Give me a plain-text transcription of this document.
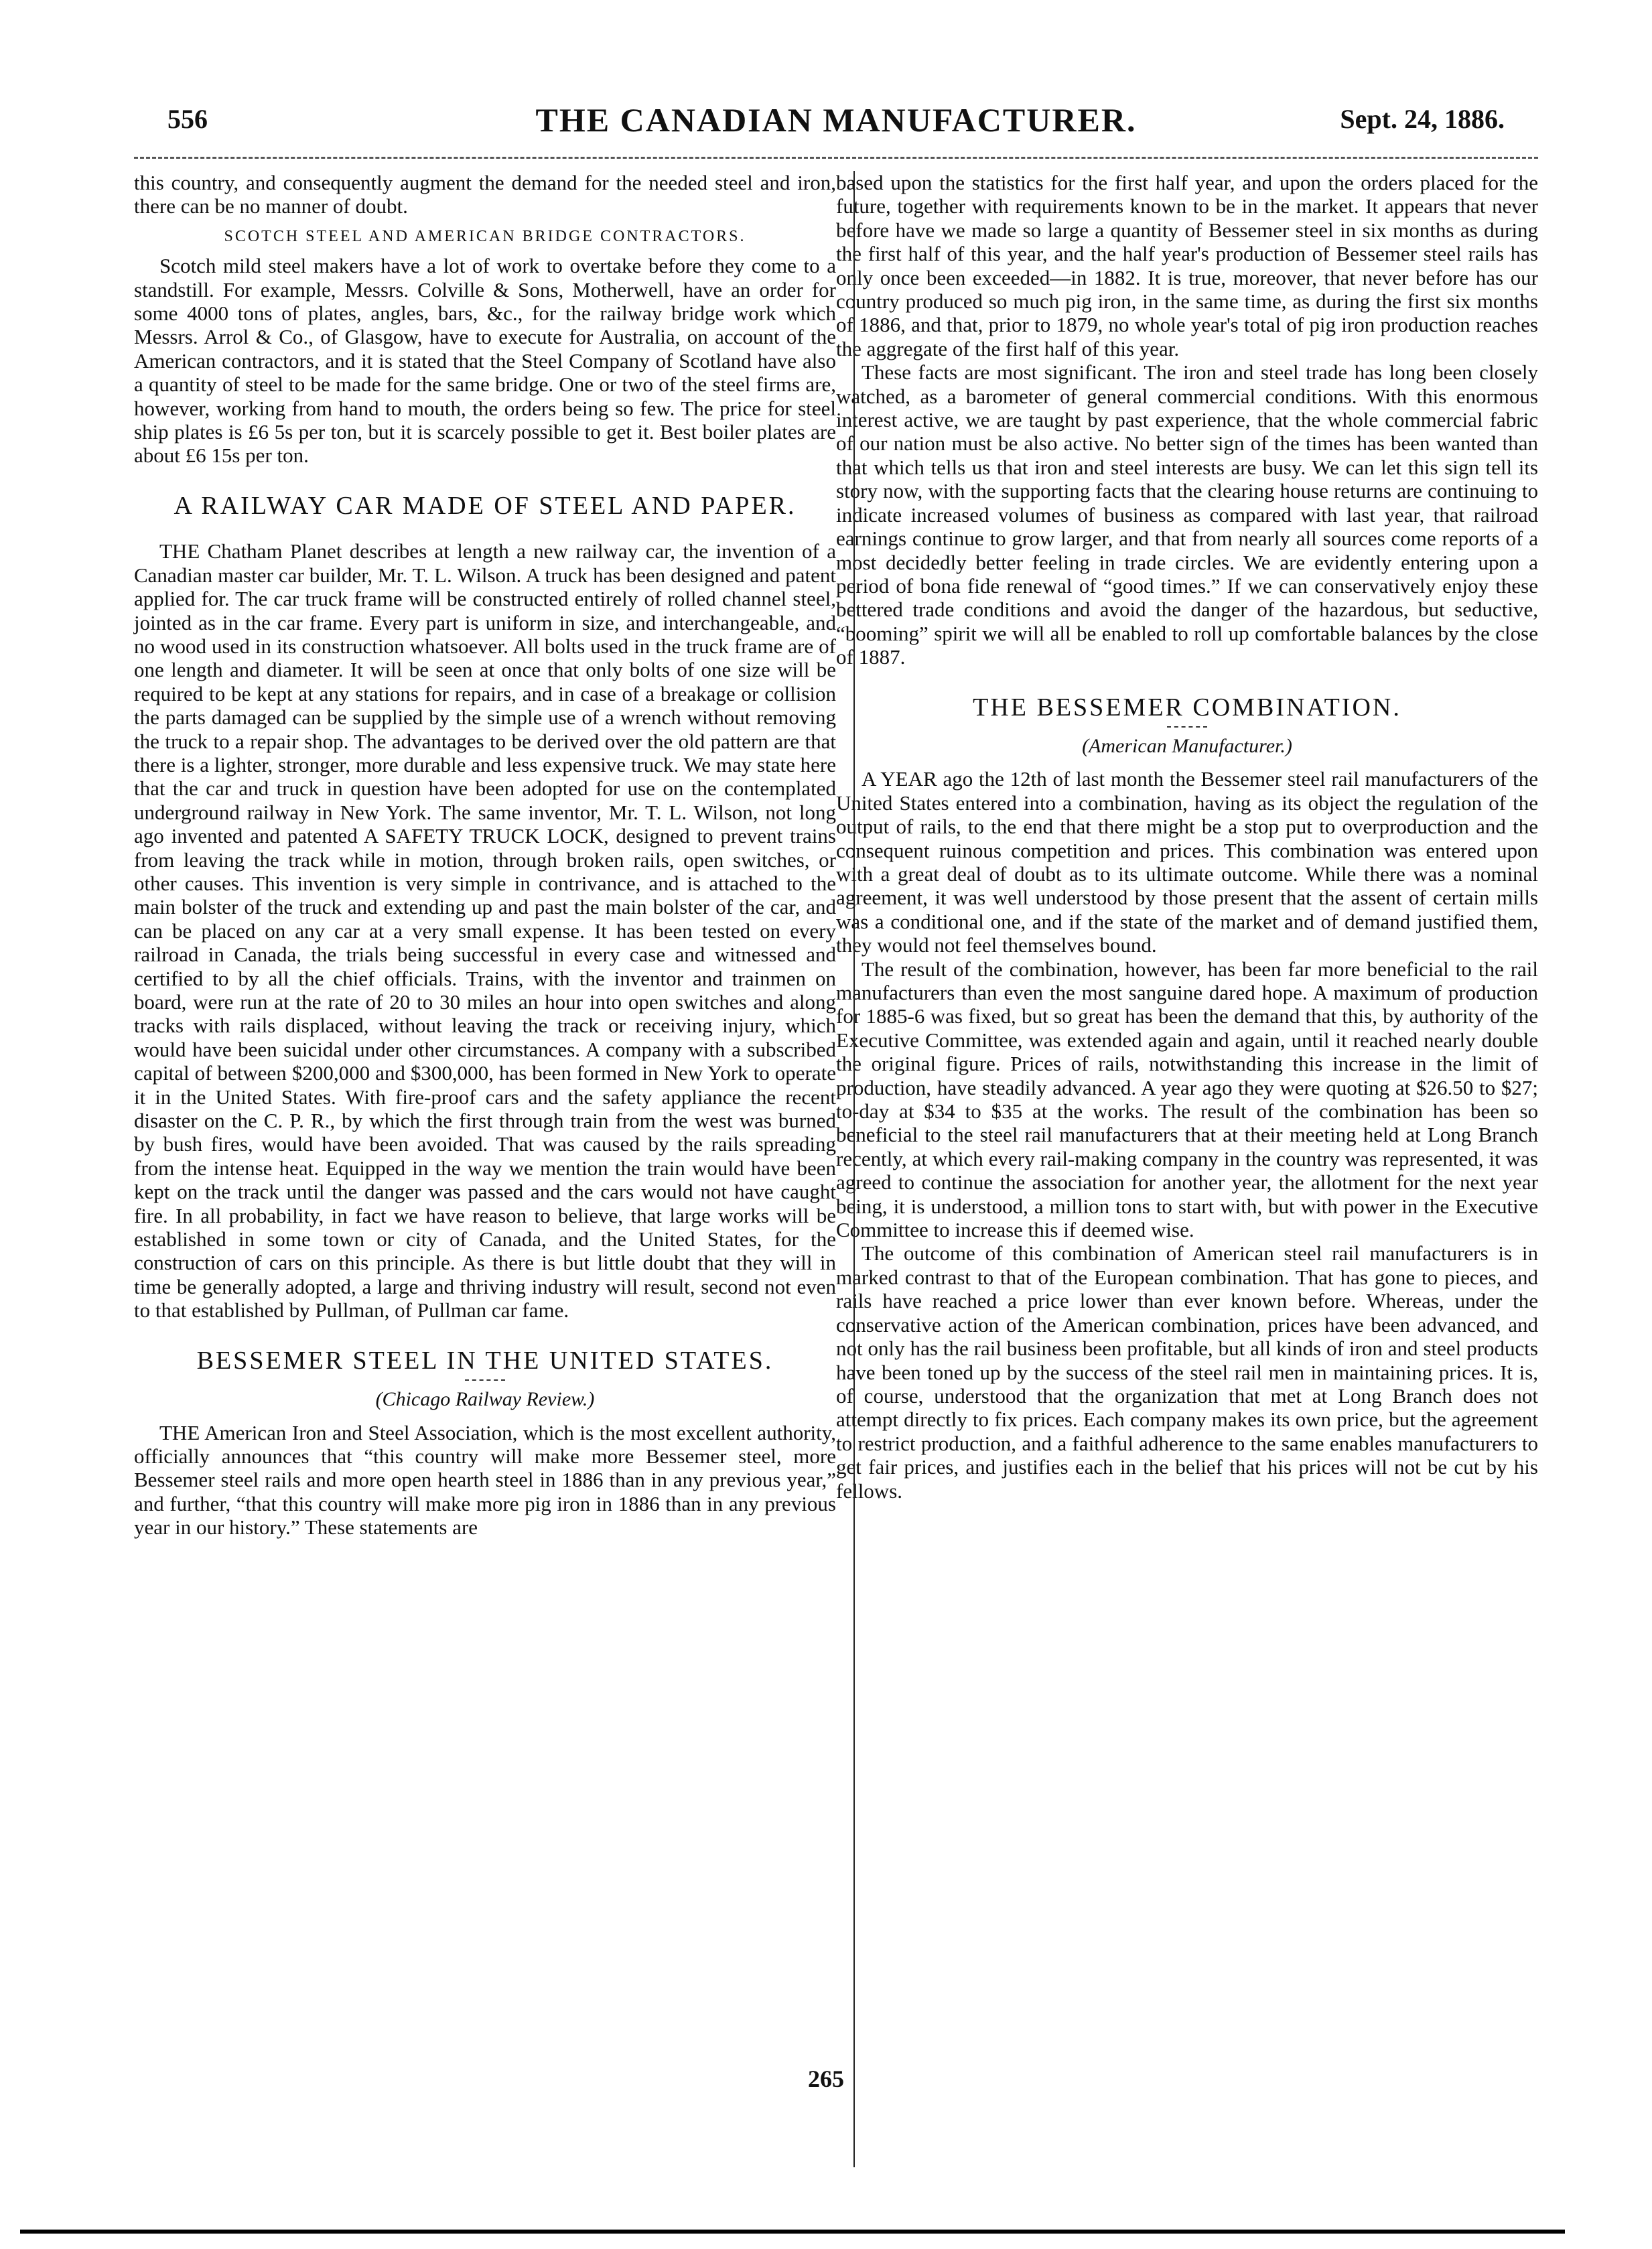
556	THE CANADIAN MANUFACTURER.	Sept. 24, 1886.

this country, and consequently augment the demand for the needed steel and iron, there can be no manner of doubt.

SCOTCH STEEL AND AMERICAN BRIDGE CONTRACTORS.

Scotch mild steel makers have a lot of work to overtake before they come to a standstill. For example, Messrs. Colville & Sons, Motherwell, have an order for some 4000 tons of plates, angles, bars, &c., for the railway bridge work which Messrs. Arrol & Co., of Glasgow, have to execute for Australia, on account of the American contractors, and it is stated that the Steel Company of Scotland have also a quantity of steel to be made for the same bridge. One or two of the steel firms are, however, working from hand to mouth, the orders being so few. The price for steel ship plates is £6 5s per ton, but it is scarcely possible to get it. Best boiler plates are about £6 15s per ton.

A RAILWAY CAR MADE OF STEEL AND PAPER.

THE Chatham Planet describes at length a new railway car, the invention of a Canadian master car builder, Mr. T. L. Wilson. A truck has been designed and patent applied for. The car truck frame will be constructed entirely of rolled channel steel, jointed as in the car frame. Every part is uniform in size, and interchangeable, and no wood used in its construction whatsoever. All bolts used in the truck frame are of one length and diameter. It will be seen at once that only bolts of one size will be required to be kept at any stations for repairs, and in case of a breakage or collision the parts damaged can be supplied by the simple use of a wrench without removing the truck to a repair shop. The advantages to be derived over the old pattern are that there is a lighter, stronger, more durable and less expensive truck. We may state here that the car and truck in question have been adopted for use on the contemplated underground railway in New York. The same inventor, Mr. T. L. Wilson, not long ago invented and patented A SAFETY TRUCK LOCK, designed to prevent trains from leaving the track while in motion, through broken rails, open switches, or other causes. This invention is very simple in contrivance, and is attached to the main bolster of the truck and extending up and past the main bolster of the car, and can be placed on any car at a very small expense. It has been tested on every railroad in Canada, the trials being successful in every case and witnessed and certified to by all the chief officials. Trains, with the inventor and trainmen on board, were run at the rate of 20 to 30 miles an hour into open switches and along tracks with rails displaced, without leaving the track or receiving injury, which would have been suicidal under other circumstances. A company with a subscribed capital of between $200,000 and $300,000, has been formed in New York to operate it in the United States. With fire-proof cars and the safety appliance the recent disaster on the C. P. R., by which the first through train from the west was burned by bush fires, would have been avoided. That was caused by the rails spreading from the intense heat. Equipped in the way we mention the train would have been kept on the track until the danger was passed and the cars would not have caught fire. In all probability, in fact we have reason to believe, that large works will be established in some town or city of Canada, and the United States, for the construction of cars on this principle. As there is but little doubt that they will in time be generally adopted, a large and thriving industry will result, second not even to that established by Pullman, of Pullman car fame.

BESSEMER STEEL IN THE UNITED STATES.
(Chicago Railway Review.)

THE American Iron and Steel Association, which is the most excellent authority, officially announces that “this country will make more Bessemer steel, more Bessemer steel rails and more open hearth steel in 1886 than in any previous year,” and further, “that this country will make more pig iron in 1886 than in any previous year in our history.” These statements are

based upon the statistics for the first half year, and upon the orders placed for the future, together with requirements known to be in the market. It appears that never before have we made so large a quantity of Bessemer steel in six months as during the first half of this year, and the half year's production of Bessemer steel rails has only once been exceeded—in 1882. It is true, moreover, that never before has our country produced so much pig iron, in the same time, as during the first six months of 1886, and that, prior to 1879, no whole year's total of pig iron production reaches the aggregate of the first half of this year.

These facts are most significant. The iron and steel trade has long been closely watched, as a barometer of general commercial conditions. With this enormous interest active, we are taught by past experience, that the whole commercial fabric of our nation must be also active. No better sign of the times has been wanted than that which tells us that iron and steel interests are busy. We can let this sign tell its story now, with the supporting facts that the clearing house returns are continuing to indicate increased volumes of business as compared with last year, that railroad earnings continue to grow larger, and that from nearly all sources come reports of a most decidedly better feeling in trade circles. We are evidently entering upon a period of bona fide renewal of “good times.” If we can conservatively enjoy these bettered trade conditions and avoid the danger of the hazardous, but seductive, “booming” spirit we will all be enabled to roll up comfortable balances by the close of 1887.

THE BESSEMER COMBINATION.
(American Manufacturer.)

A YEAR ago the 12th of last month the Bessemer steel rail manufacturers of the United States entered into a combination, having as its object the regulation of the output of rails, to the end that there might be a stop put to overproduction and the consequent ruinous competition and prices. This combination was entered upon with a great deal of doubt as to its ultimate outcome. While there was a nominal agreement, it was well understood by those present that the assent of certain mills was a conditional one, and if the state of the market and of demand justified them, they would not feel themselves bound.

The result of the combination, however, has been far more beneficial to the rail manufacturers than even the most sanguine dared hope. A maximum of production for 1885-6 was fixed, but so great has been the demand that this, by authority of the Executive Committee, was extended again and again, until it reached nearly double the original figure. Prices of rails, notwithstanding this increase in the limit of production, have steadily advanced. A year ago they were quoting at $26.50 to $27; to-day at $34 to $35 at the works. The result of the combination has been so beneficial to the steel rail manufacturers that at their meeting held at Long Branch recently, at which every rail-making company in the country was represented, it was agreed to continue the association for another year, the allotment for the next year being, it is understood, a million tons to start with, but with power in the Executive Committee to increase this if deemed wise.

The outcome of this combination of American steel rail manufacturers is in marked contrast to that of the European combination. That has gone to pieces, and rails have reached a price lower than ever known before. Whereas, under the conservative action of the American combination, prices have been advanced, and not only has the rail business been profitable, but all kinds of iron and steel products have been toned up by the success of the steel rail men in maintaining prices. It is, of course, understood that the organization that met at Long Branch does not attempt directly to fix prices. Each company makes its own price, but the agreement to restrict production, and a faithful adherence to the same enables manufacturers to get fair prices, and justifies each in the belief that his prices will not be cut by his fellows.

265
